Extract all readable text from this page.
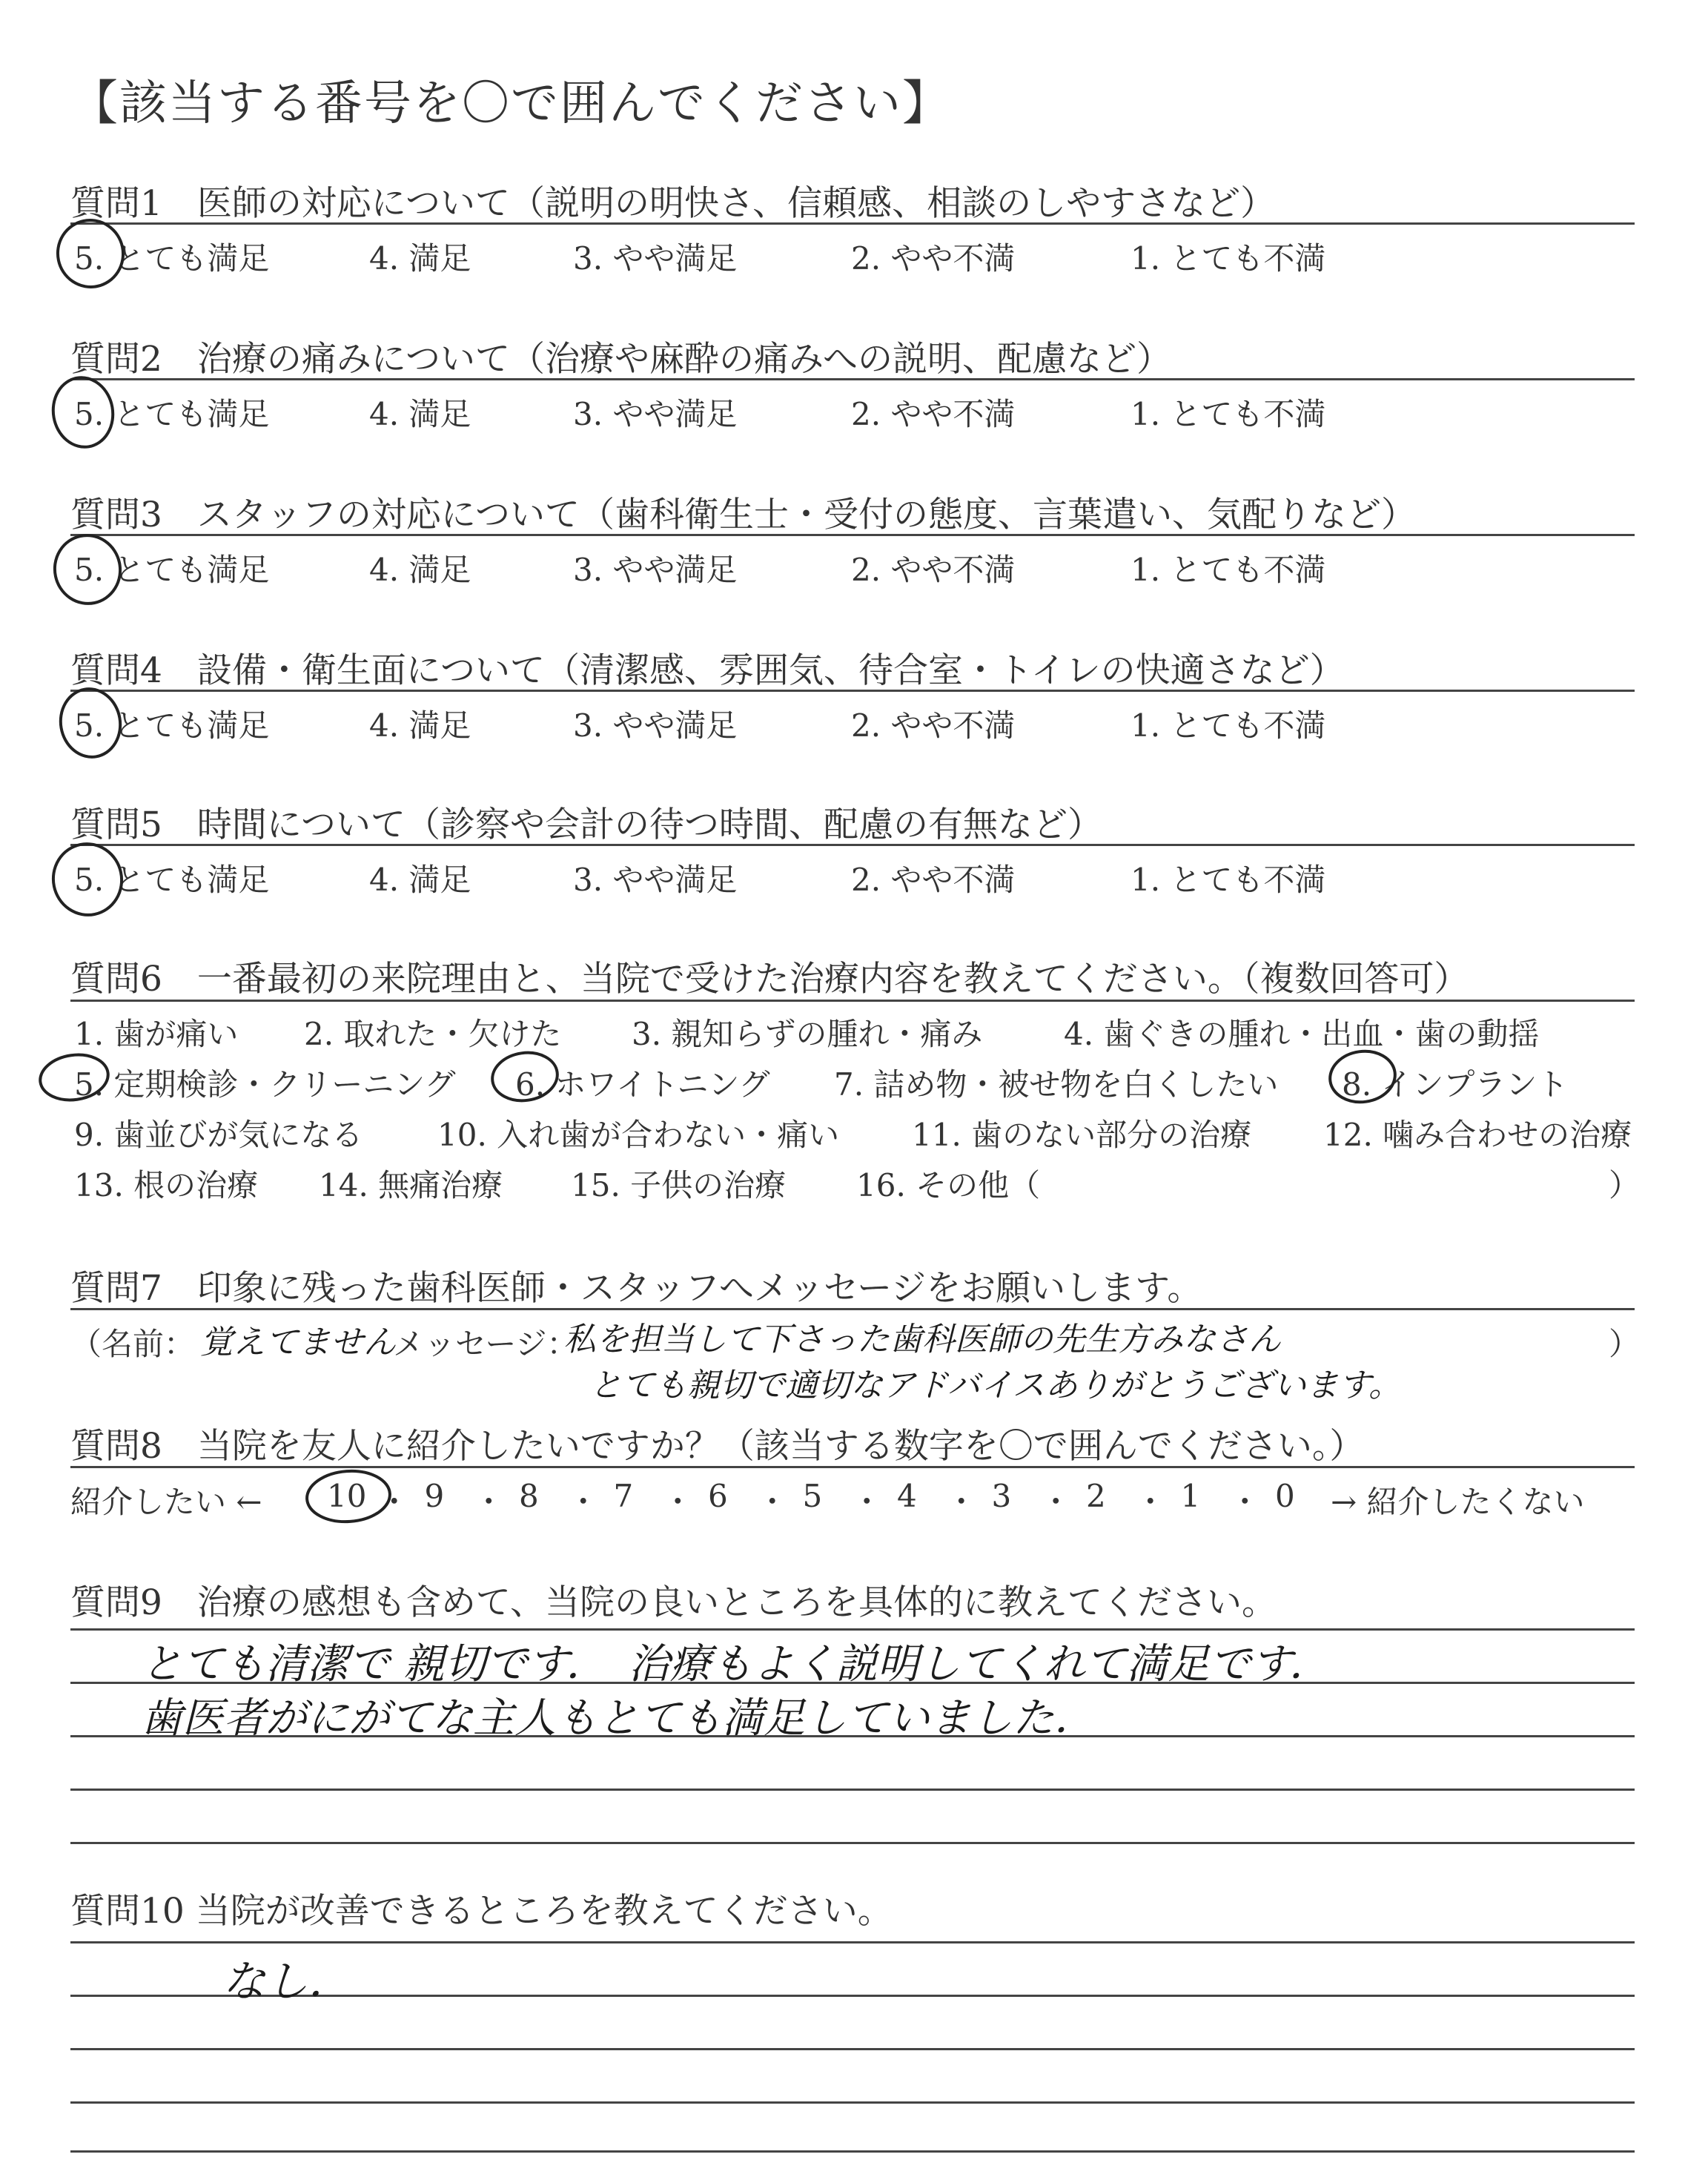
【該当する番号を〇で囲んでください】
質問1　医師の対応について（説明の明快さ、信頼感、相談のしやすさなど）
5. とても満足	4. 満足	3. やや満足	2. やや不満	1. とても不満
質問2　治療の痛みについて（治療や麻酔の痛みへの説明、配慮など）
5. とても満足	4. 満足	3. やや満足	2. やや不満	1. とても不満
質問3　スタッフの対応について（歯科衛生士・受付の態度、言葉遣い、気配りなど）
5. とても満足	4. 満足	3. やや満足	2. やや不満	1. とても不満
質問4　設備・衛生面について（清潔感、雰囲気、待合室・トイレの快適さなど）
5. とても満足	4. 満足	3. やや満足	2. やや不満	1. とても不満
質問5　時間について（診察や会計の待つ時間、配慮の有無など）
5. とても満足	4. 満足	3. やや満足	2. やや不満	1. とても不満
質問6　一番最初の来院理由と、当院で受けた治療内容を教えてください。（複数回答可）
1. 歯が痛い 2. 取れた・欠けた 3. 親知らずの腫れ・痛み	4. 歯ぐきの腫れ・出血・歯の動揺
5. 定期検診・クリーニング 6. ホワイトニング 7. 詰め物・被せ物を白くしたい 8. インプラント
9. 歯並びが気になる 10. 入れ歯が合わない・痛い 11. 歯のない部分の治療 12. 噛み合わせの治療
13. 根の治療 14. 無痛治療 15. 子供の治療 16. その他（	）
質問7　印象に残った歯科医師・スタッフへメッセージをお願いします。
（名前： 覚えてません
メッセージ：
私を担当して下さった歯科医師の先生方みなさん
とても親切で適切なアドバイスありがとうございます。
）
質問8　当院を友人に紹介したいですか？（該当する数字を〇で囲んでください。）
紹介したい ←	→ 紹介したくない
10 ・ 9 ・ 8 ・ 7 ・ 6 ・ 5 ・ 4 ・ 3 ・ 2 ・ 1 ・ 0
質問9　治療の感想も含めて、当院の良いところを具体的に教えてください。
とても清潔で 親切です．　治療もよく説明してくれて満足です．
歯医者がにがてな主人もとても満足していました．
質問10 当院が改善できるところを教えてください。
なし．
